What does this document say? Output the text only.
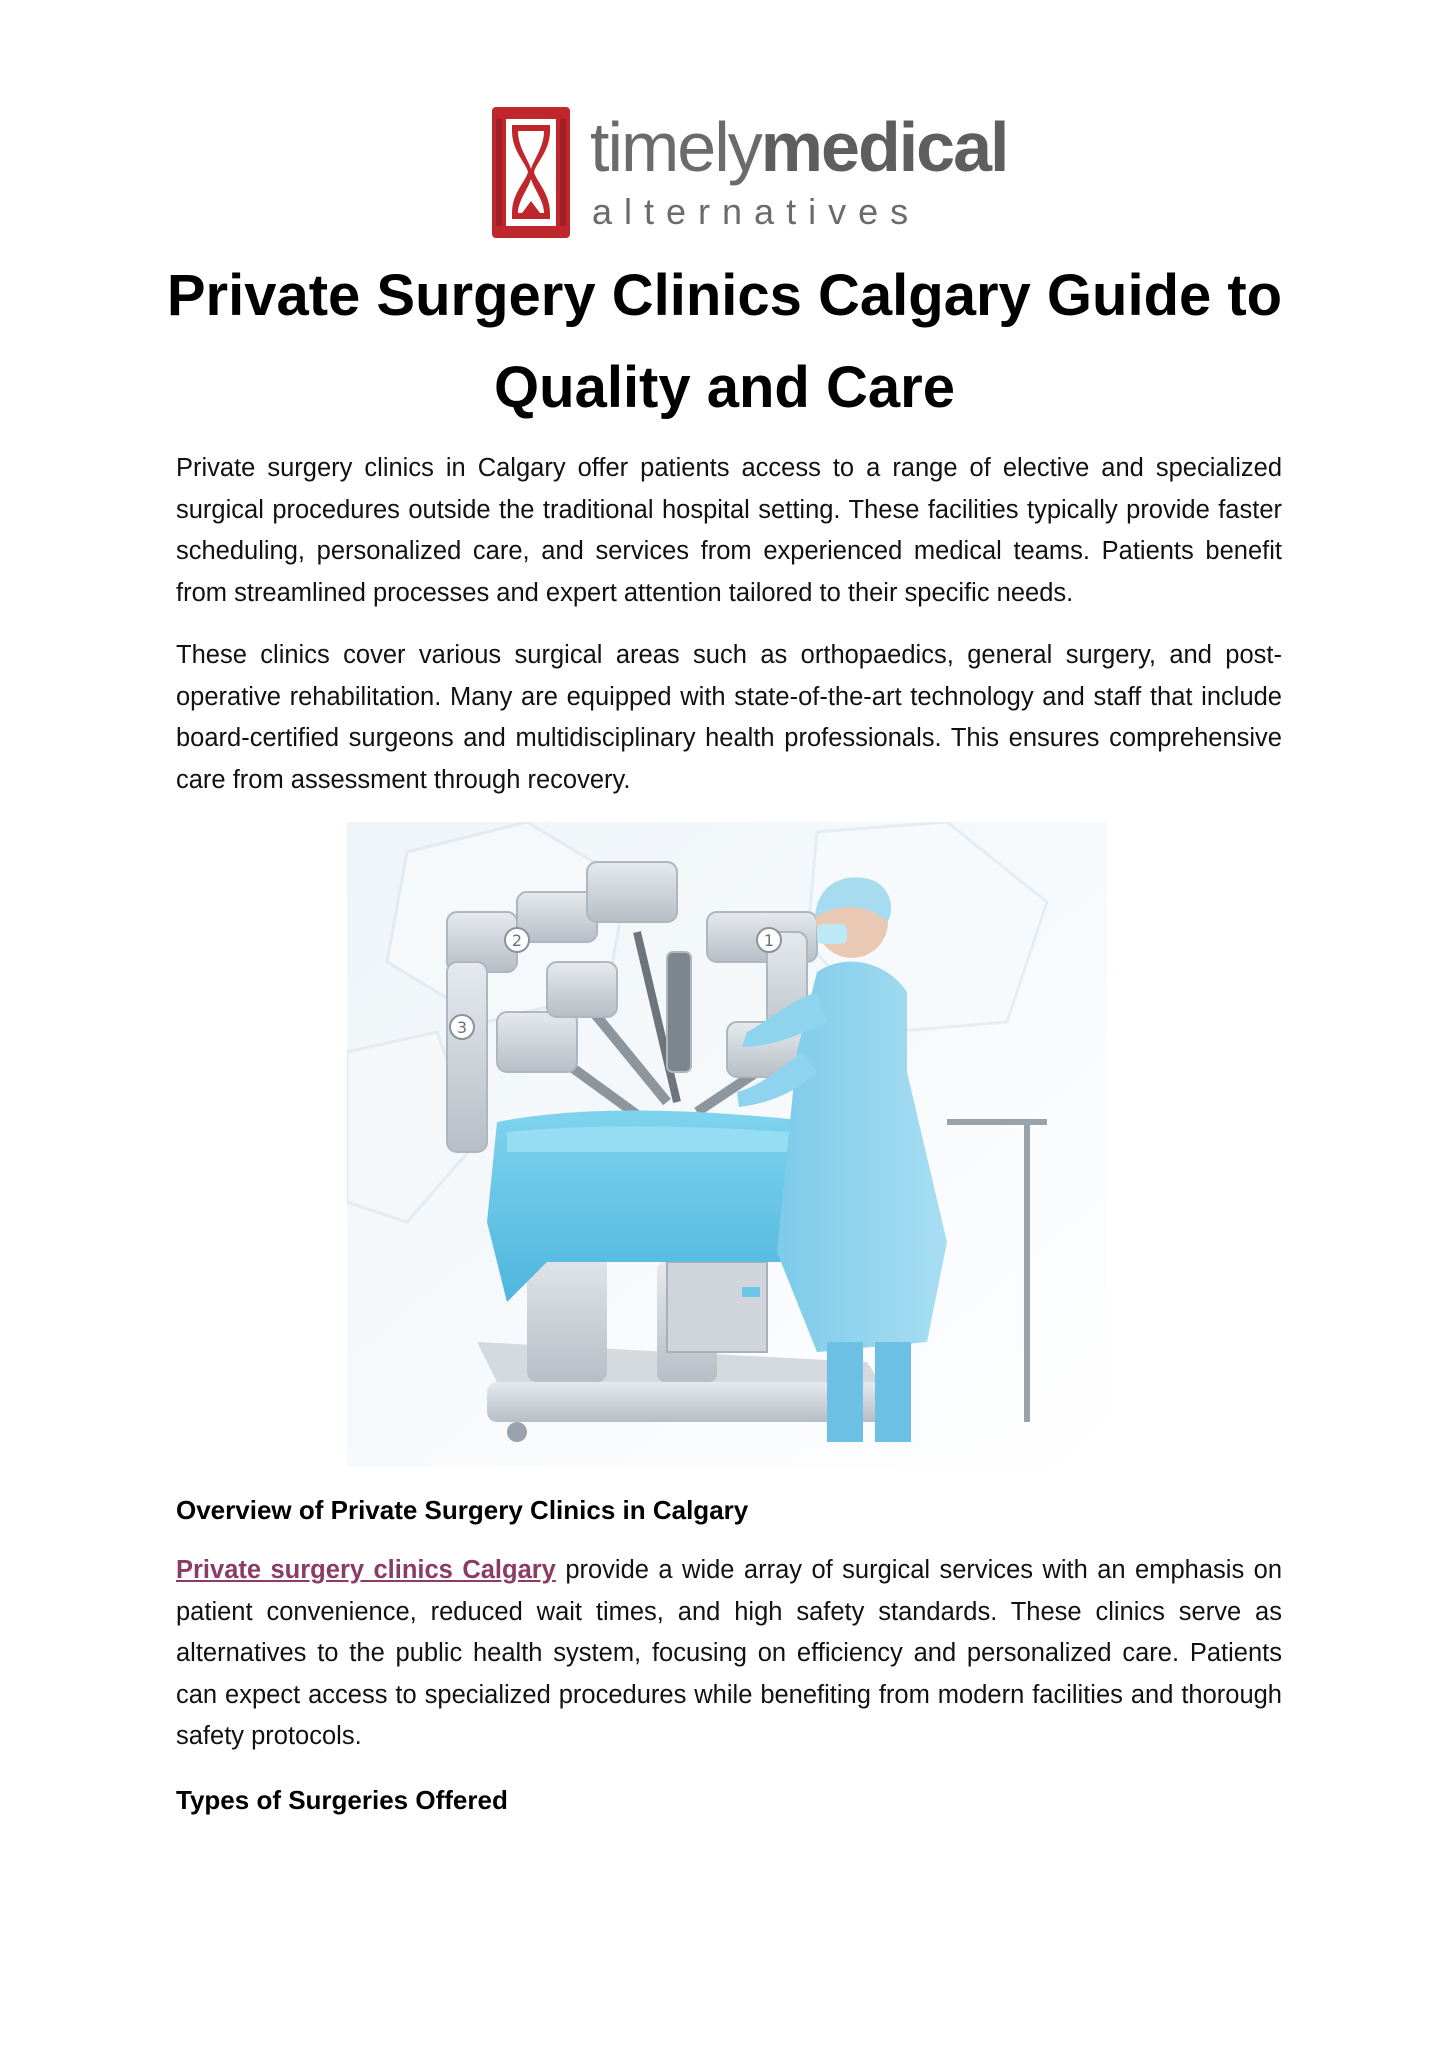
timelymedical
alternatives
Private Surgery Clinics Calgary Guide to Quality and Care

Private surgery clinics in Calgary offer patients access to a range of elective and specialized surgical procedures outside the traditional hospital setting. These facilities typically provide faster scheduling, personalized care, and services from experienced medical teams. Patients benefit from streamlined processes and expert attention tailored to their specific needs.

These clinics cover various surgical areas such as orthopaedics, general surgery, and post-operative rehabilitation. Many are equipped with state-of-the-art technology and staff that include board-certified surgeons and multidisciplinary health professionals. This ensures comprehensive care from assessment through recovery.

2
3
1
Overview of Private Surgery Clinics in Calgary

Private surgery clinics Calgary provide a wide array of surgical services with an emphasis on patient convenience, reduced wait times, and high safety standards. These clinics serve as alternatives to the public health system, focusing on efficiency and personalized care. Patients can expect access to specialized procedures while benefiting from modern facilities and thorough safety protocols.

Types of Surgeries Offered
